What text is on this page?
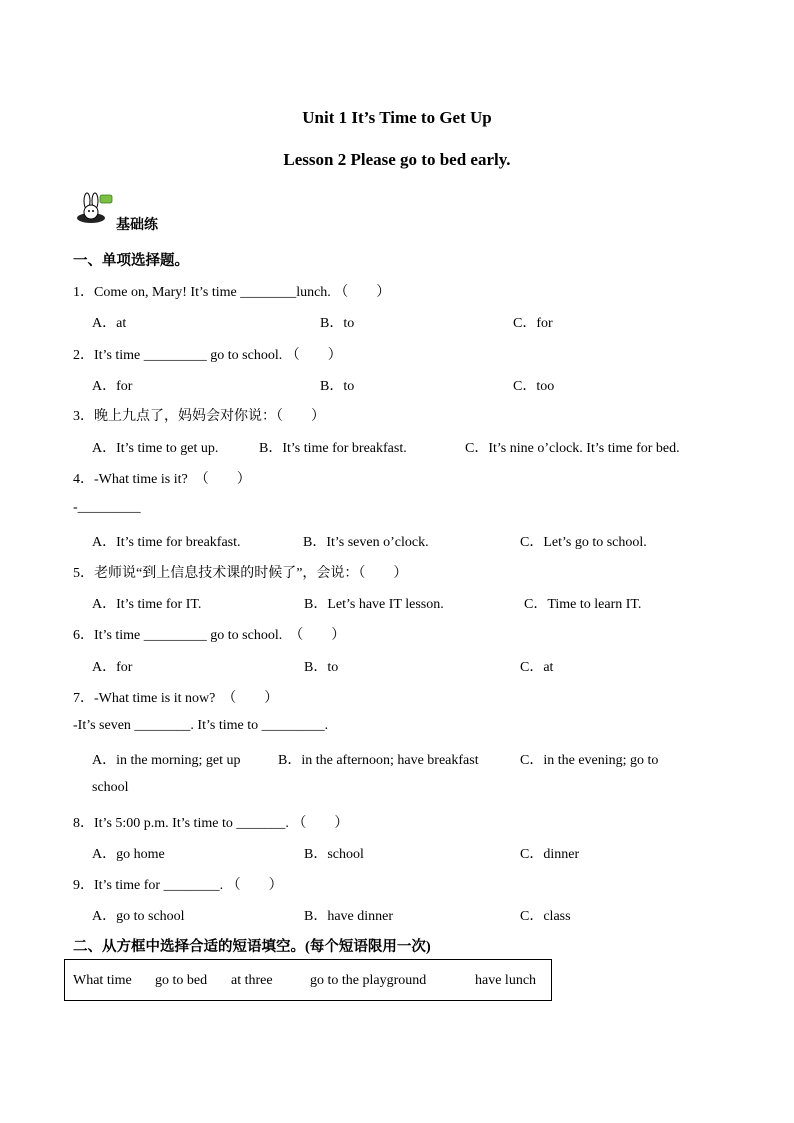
Unit 1 It’s Time to Get Up
Lesson 2 Please go to bed early.
基础练
一、单项选择题。
1．Come on, Mary! It’s time ________lunch. （　　）
A．at	B．to	C．for
2．It’s time _________ go to school. （　　）
A．for	B．to	C．too
3．晚上九点了，妈妈会对你说：（　　）
A．It’s time to get up.	B．It’s time for breakfast.	C．It’s nine o’clock. It’s time for bed.
4．-What time is it?　（　　）
-_________
A．It’s time for breakfast.	B．It’s seven o’clock.	C．Let’s go to school.
5．老师说“到上信息技术课的时候了”，会说：（　　）
A．It’s time for IT.	B．Let’s have IT lesson.	C．Time to learn IT.
6．It’s time _________ go to school.　（　　）
A．for	B．to	C．at
7．-What time is it now?　（　　）
-It’s seven ________. It’s time to _________.
A．in the morning; get up	B．in the afternoon; have breakfast	C．in the evening; go to
school
8．It’s 5:00 p.m. It’s time to _______. （　　）
A．go home	B．school	C．dinner
9．It’s time for ________. （　　）
A．go to school	B．have dinner	C．class
二、从方框中选择合适的短语填空。(每个短语限用一次)
What time go to bed at three	go to the playground	have lunch
